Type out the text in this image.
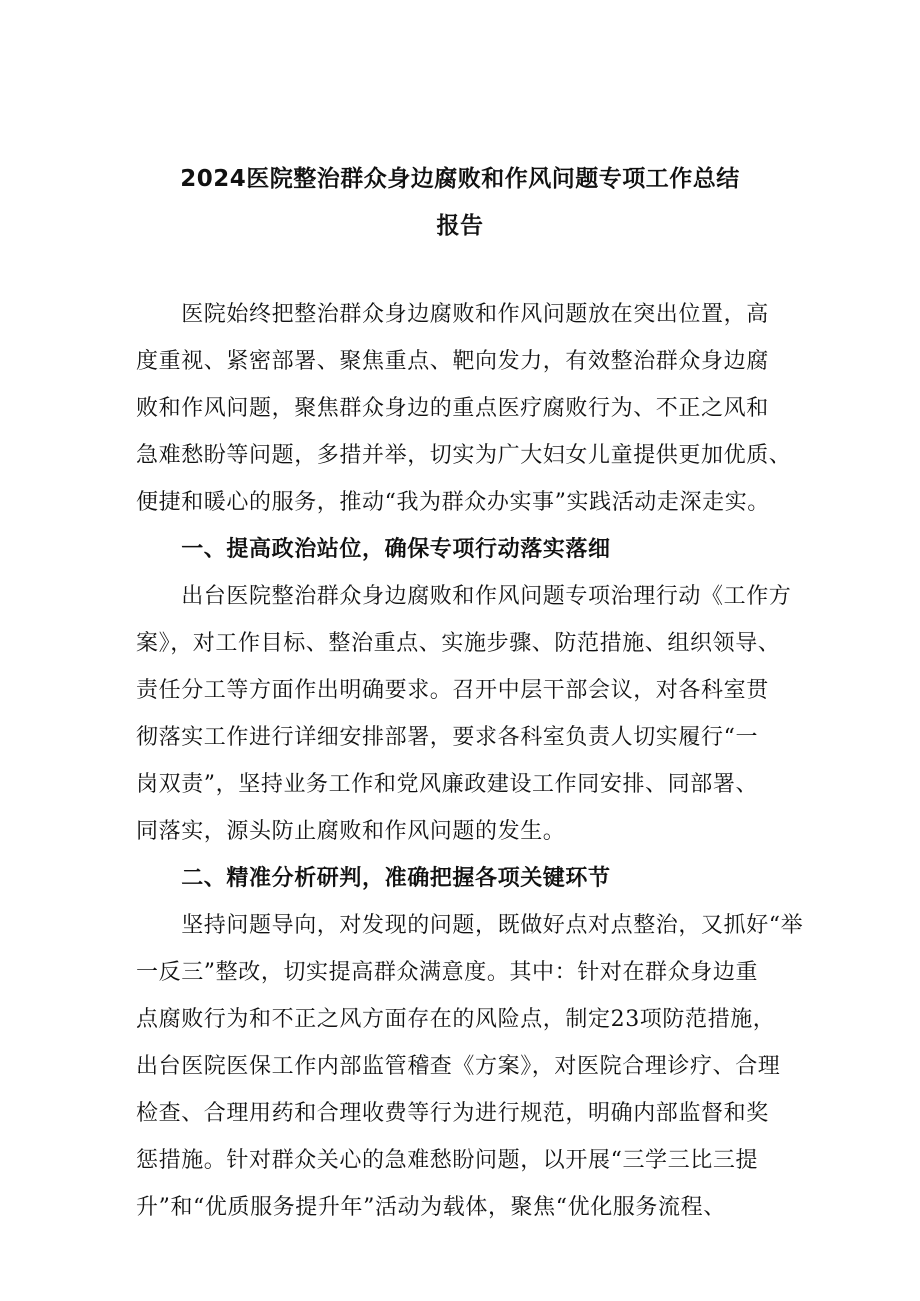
2024医院整治群众身边腐败和作风问题专项工作总结
报告
　　医院始终把整治群众身边腐败和作风问题放在突出位置，高
度重视、紧密部署、聚焦重点、靶向发力，有效整治群众身边腐
败和作风问题，聚焦群众身边的重点医疗腐败行为、不正之风和
急难愁盼等问题，多措并举，切实为广大妇女儿童提供更加优质、
便捷和暖心的服务，推动“我为群众办实事”实践活动走深走实。
　　一、提高政治站位，确保专项行动落实落细
　　出台医院整治群众身边腐败和作风问题专项治理行动《工作方
案》，对工作目标、整治重点、实施步骤、防范措施、组织领导、
责任分工等方面作出明确要求。召开中层干部会议，对各科室贯
彻落实工作进行详细安排部署，要求各科室负责人切实履行“一
岗双责”，坚持业务工作和党风廉政建设工作同安排、同部署、
同落实，源头防止腐败和作风问题的发生。
　　二、精准分析研判，准确把握各项关键环节
　　坚持问题导向，对发现的问题，既做好点对点整治，又抓好“举
一反三”整改，切实提高群众满意度。其中：针对在群众身边重
点腐败行为和不正之风方面存在的风险点，制定23项防范措施，
出台医院医保工作内部监管稽查《方案》，对医院合理诊疗、合理
检查、合理用药和合理收费等行为进行规范，明确内部监督和奖
惩措施。针对群众关心的急难愁盼问题，以开展“三学三比三提
升”和“优质服务提升年”活动为载体，聚焦“优化服务流程、
